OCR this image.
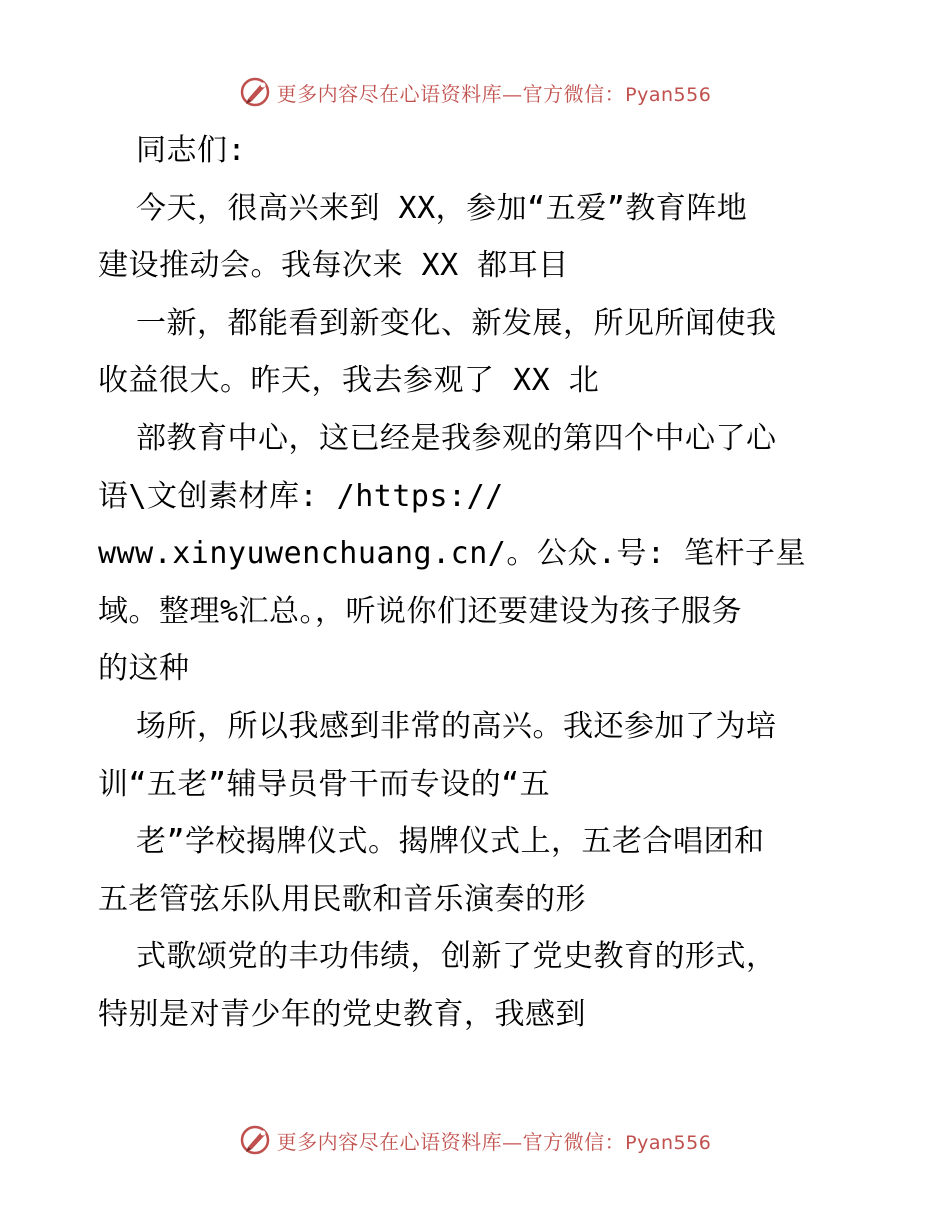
更多内容尽在心语资料库—官方微信：Pyan556
同志们:
今天，很高兴来到 XX，参加“五爱”教育阵地
建设推动会。我每次来 XX 都耳目
一新，都能看到新变化、新发展，所见所闻使我
收益很大。昨天，我去参观了 XX 北
部教育中心，这已经是我参观的第四个中心了心
语\文创素材库: /https://
www.xinyuwenchuang.cn/。公众.号: 笔杆子星
域。整理%汇总。，听说你们还要建设为孩子服务
的这种
场所，所以我感到非常的高兴。我还参加了为培
训“五老”辅导员骨干而专设的“五
老”学校揭牌仪式。揭牌仪式上，五老合唱团和
五老管弦乐队用民歌和音乐演奏的形
式歌颂党的丰功伟绩，创新了党史教育的形式，
特别是对青少年的党史教育，我感到
更多内容尽在心语资料库—官方微信：Pyan556
